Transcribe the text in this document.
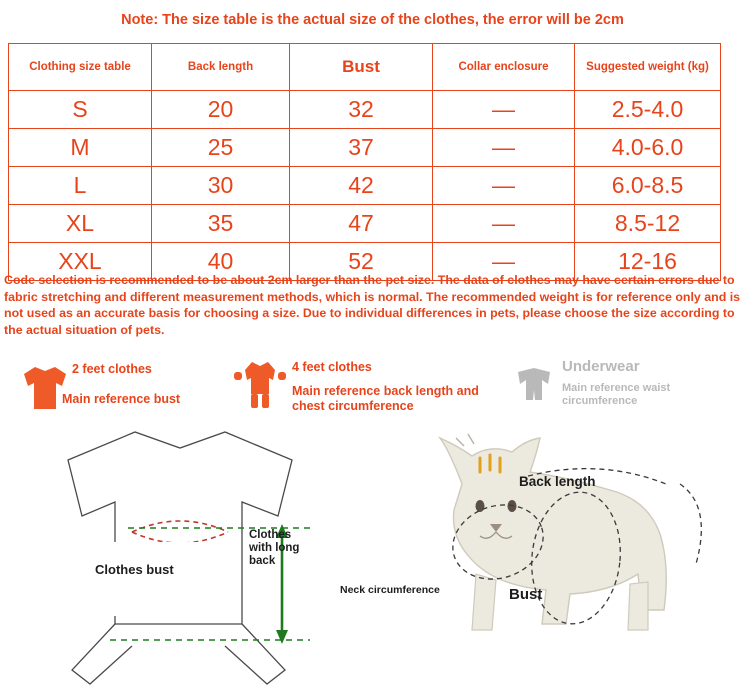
Note: The size table is the actual size of the clothes, the error will be 2cm
Clothing size table	Back length	Bust	Collar enclosure	Suggested weight (kg)
S	20	32	—	2.5-4.0
M	25	37	—	4.0-6.0
L	30	42	—	6.0-8.5
XL	35	47	—	8.5-12
XXL	40	52	—	12-16
Code selection is recommended to be about 2cm larger than the pet size. The data of clothes may have certain errors due to fabric stretching and different measurement methods, which is normal. The recommended weight is for reference only and is not used as an accurate basis for choosing a size. Due to individual differences in pets, please choose the size according to the actual situation of pets.
2 feet clothes
Main reference bust
4 feet clothes
Main reference back length and chest circumference
Underwear
Main reference waist circumference
Clothes bust
Clothes with long back
Back length
Neck circumference	Bust
